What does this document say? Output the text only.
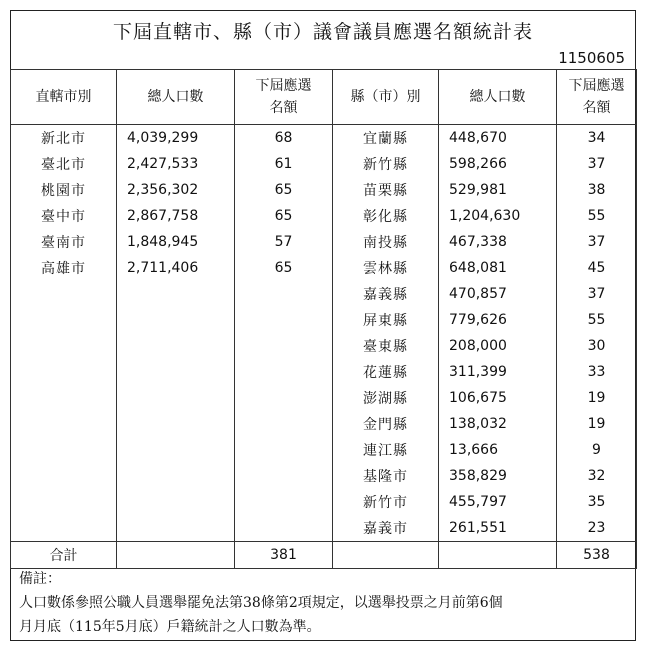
下屆直轄市、縣（市）議會議員應選名額統計表
1150605
直轄市別	總人口數	下屆應選名額	縣（市）別	總人口數	下屆應選名額
新北市	4,039,299	68	宜蘭縣	448,670	34
臺北市	2,427,533	61	新竹縣	598,266	37
桃園市	2,356,302	65	苗栗縣	529,981	38
臺中市	2,867,758	65	彰化縣	1,204,630	55
臺南市	1,848,945	57	南投縣	467,338	37
高雄市	2,711,406	65	雲林縣	648,081	45
			嘉義縣	470,857	37
			屏東縣	779,626	55
			臺東縣	208,000	30
			花蓮縣	311,399	33
			澎湖縣	106,675	19
			金門縣	138,032	19
			連江縣	13,666	9
			基隆市	358,829	32
			新竹市	455,797	35
			嘉義市	261,551	23
合計		381			538
備註：
人口數係參照公職人員選舉罷免法第38條第2項規定，以選舉投票之月前第6個
月月底（115年5月底）戶籍統計之人口數為準。
